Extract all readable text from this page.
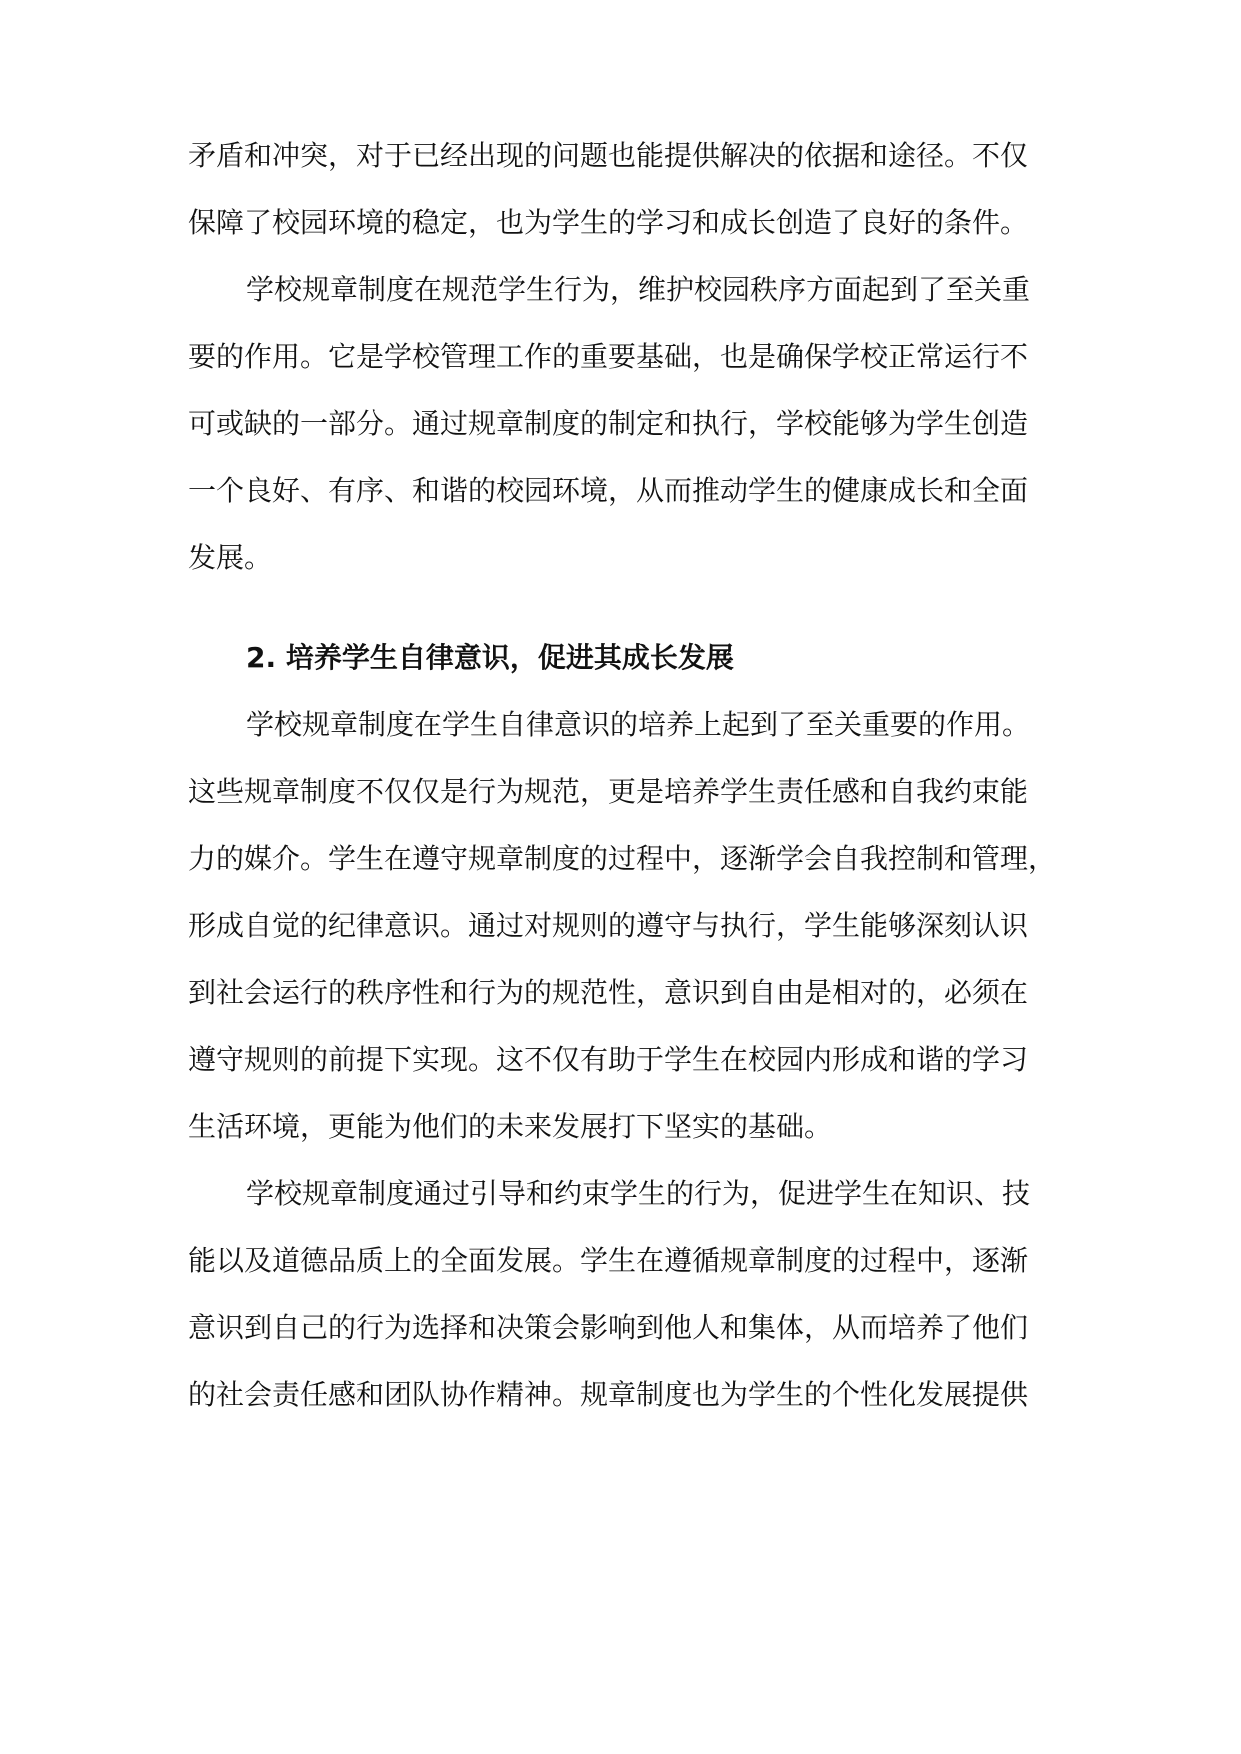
矛盾和冲突，对于已经出现的问题也能提供解决的依据和途径。不仅
保障了校园环境的稳定，也为学生的学习和成长创造了良好的条件。
学校规章制度在规范学生行为，维护校园秩序方面起到了至关重
要的作用。它是学校管理工作的重要基础，也是确保学校正常运行不
可或缺的一部分。通过规章制度的制定和执行，学校能够为学生创造
一个良好、有序、和谐的校园环境，从而推动学生的健康成长和全面
发展。
2. 培养学生自律意识，促进其成长发展
学校规章制度在学生自律意识的培养上起到了至关重要的作用。
这些规章制度不仅仅是行为规范，更是培养学生责任感和自我约束能
力的媒介。学生在遵守规章制度的过程中，逐渐学会自我控制和管理，
形成自觉的纪律意识。通过对规则的遵守与执行，学生能够深刻认识
到社会运行的秩序性和行为的规范性，意识到自由是相对的，必须在
遵守规则的前提下实现。这不仅有助于学生在校园内形成和谐的学习
生活环境，更能为他们的未来发展打下坚实的基础。
学校规章制度通过引导和约束学生的行为，促进学生在知识、技
能以及道德品质上的全面发展。学生在遵循规章制度的过程中，逐渐
意识到自己的行为选择和决策会影响到他人和集体，从而培养了他们
的社会责任感和团队协作精神。规章制度也为学生的个性化发展提供
